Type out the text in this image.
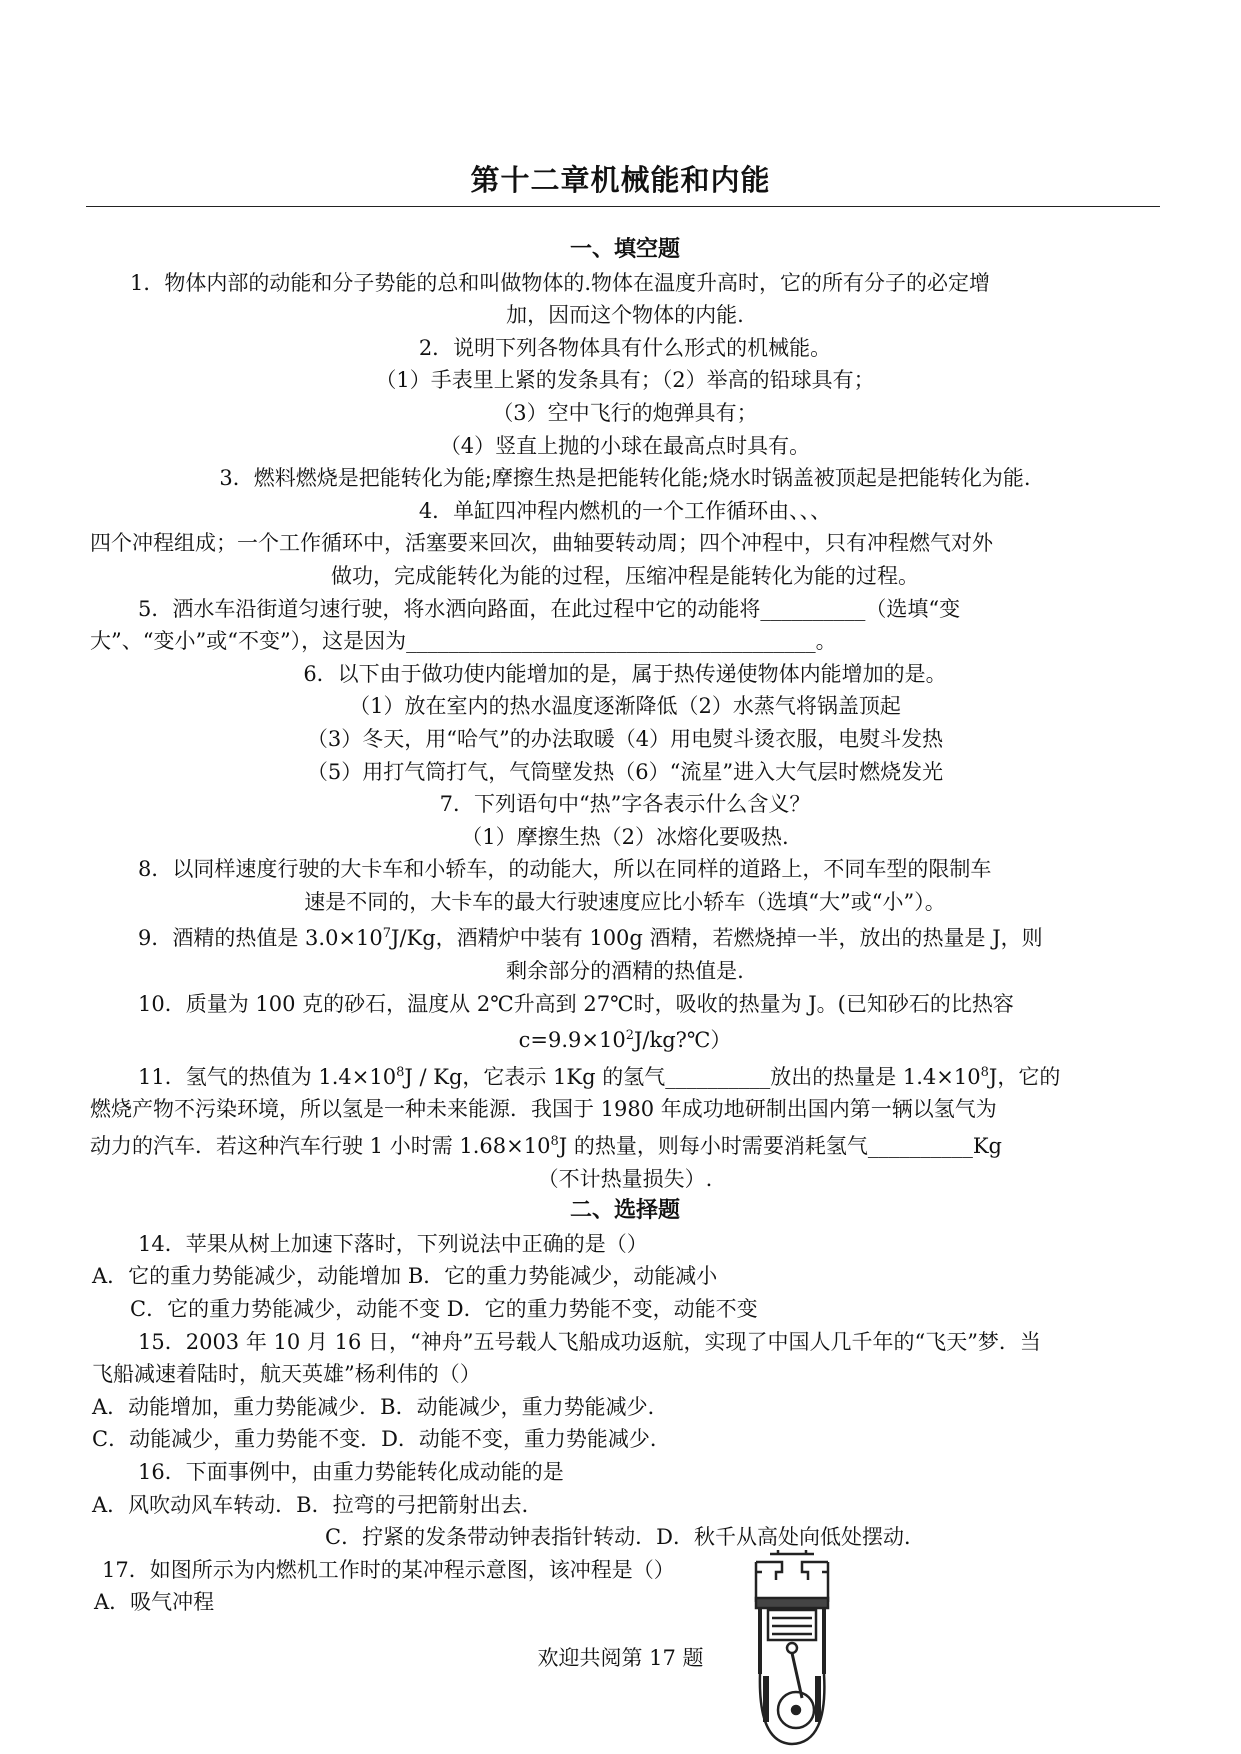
第十二章机械能和内能
一、填空题
1．物体内部的动能和分子势能的总和叫做物体的.物体在温度升高时，它的所有分子的必定增
加，因而这个物体的内能.
2．说明下列各物体具有什么形式的机械能。
（1）手表里上紧的发条具有；（2）举高的铅球具有；
（3）空中飞行的炮弹具有；
（4）竖直上抛的小球在最高点时具有。
3．燃料燃烧是把能转化为能;摩擦生热是把能转化能;烧水时锅盖被顶起是把能转化为能.
4．单缸四冲程内燃机的一个工作循环由、、、
四个冲程组成；一个工作循环中，活塞要来回次，曲轴要转动周；四个冲程中，只有冲程燃气对外
做功，完成能转化为能的过程，压缩冲程是能转化为能的过程。
5．洒水车沿街道匀速行驶，将水洒向路面，在此过程中它的动能将__________（选填“变
大”、“变小”或“不变”），这是因为_______________________________________。
6．以下由于做功使内能增加的是，属于热传递使物体内能增加的是。
（1）放在室内的热水温度逐渐降低（2）水蒸气将锅盖顶起
（3）冬天，用“哈气”的办法取暖（4）用电熨斗烫衣服，电熨斗发热
（5）用打气筒打气，气筒壁发热（6）“流星”进入大气层时燃烧发光
7．下列语句中“热”字各表示什么含义？
（1）摩擦生热（2）冰熔化要吸热.
8．以同样速度行驶的大卡车和小轿车，的动能大，所以在同样的道路上，不同车型的限制车
速是不同的，大卡车的最大行驶速度应比小轿车（选填“大”或“小”）。
9．酒精的热值是 $3.0\times 10^7J/Kg$，酒精炉中装有 100g 酒精，若燃烧掉一半，放出的热量是 J，则
剩余部分的酒精的热值是.
10．质量为 100 克的砂石，温度从 2℃升高到 27℃时，吸收的热量为 J。(已知砂石的比热容
$c=9.9\times 10^2J/kg?℃$）
11．氢气的热值为 $1.4\times 10^8J / Kg$，它表示 1Kg 的氢气__________放出的热量是 $1.4\times 10^8J$，它的
燃烧产物不污染环境，所以氢是一种未来能源．我国于 1980 年成功地研制出国内第一辆以氢气为
动力的汽车．若这种汽车行驶 1 小时需 $1.68\times 10^8J$ 的热量，则每小时需要消耗氢气__________Kg
（不计热量损失）.
二、选择题
14．苹果从树上加速下落时，下列说法中正确的是（）
A．它的重力势能减少，动能增加 B．它的重力势能减少，动能减小
C．它的重力势能减少，动能不变 D．它的重力势能不变，动能不变
15．2003 年 10 月 16 日，“神舟”五号载人飞船成功返航，实现了中国人几千年的“飞天”梦．当
飞船减速着陆时，航天英雄”杨利伟的（）
A．动能增加，重力势能减少．B．动能减少，重力势能减少．
C．动能减少，重力势能不变．D．动能不变，重力势能减少．
16．下面事例中，由重力势能转化成动能的是
A．风吹动风车转动．B．拉弯的弓把箭射出去．
C．拧紧的发条带动钟表指针转动．D．秋千从高处向低处摆动．
17．如图所示为内燃机工作时的某冲程示意图，该冲程是（）
A．吸气冲程
欢迎共阅第 17 题
